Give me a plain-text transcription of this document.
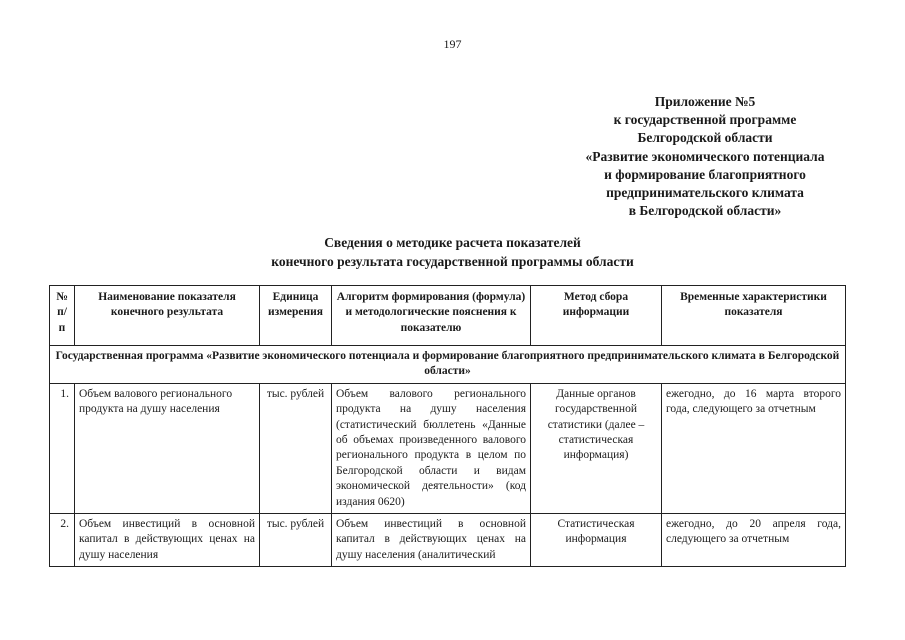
197
Приложение №5
к государственной программе
Белгородской области
«Развитие экономического потенциала
и формирование благоприятного
предпринимательского климата
в Белгородской области»
Сведения о методике расчета показателей
конечного результата государственной программы области
№ п/п	Наименование показателя конечного результата	Единица измерения	Алгоритм формирования (формула) и методологические пояснения к показателю	Метод сбора информации	Временные характеристики показателя
Государственная программа «Развитие экономического потенциала и формирование благоприятного предпринимательского климата в Белгородской области»					
1.	Объем валового регионального продукта на душу населения	тыс. рублей	Объем валового регионального продукта на душу населения (статистический бюллетень «Данные об объемах произведенного валового регионального продукта в целом по Белгородской области и видам экономической деятельности» (код издания 0620)	Данные органов государственной статистики (далее – статистическая информация)	ежегодно, до 16 марта второго года, следующего за отчетным
2.	Объем инвестиций в основной капитал в действующих ценах на душу населения	тыс. рублей	Объем инвестиций в основной капитал в действующих ценах на душу населения (аналитический	Статистическая информация	ежегодно, до 20 апреля года, следующего за отчетным
